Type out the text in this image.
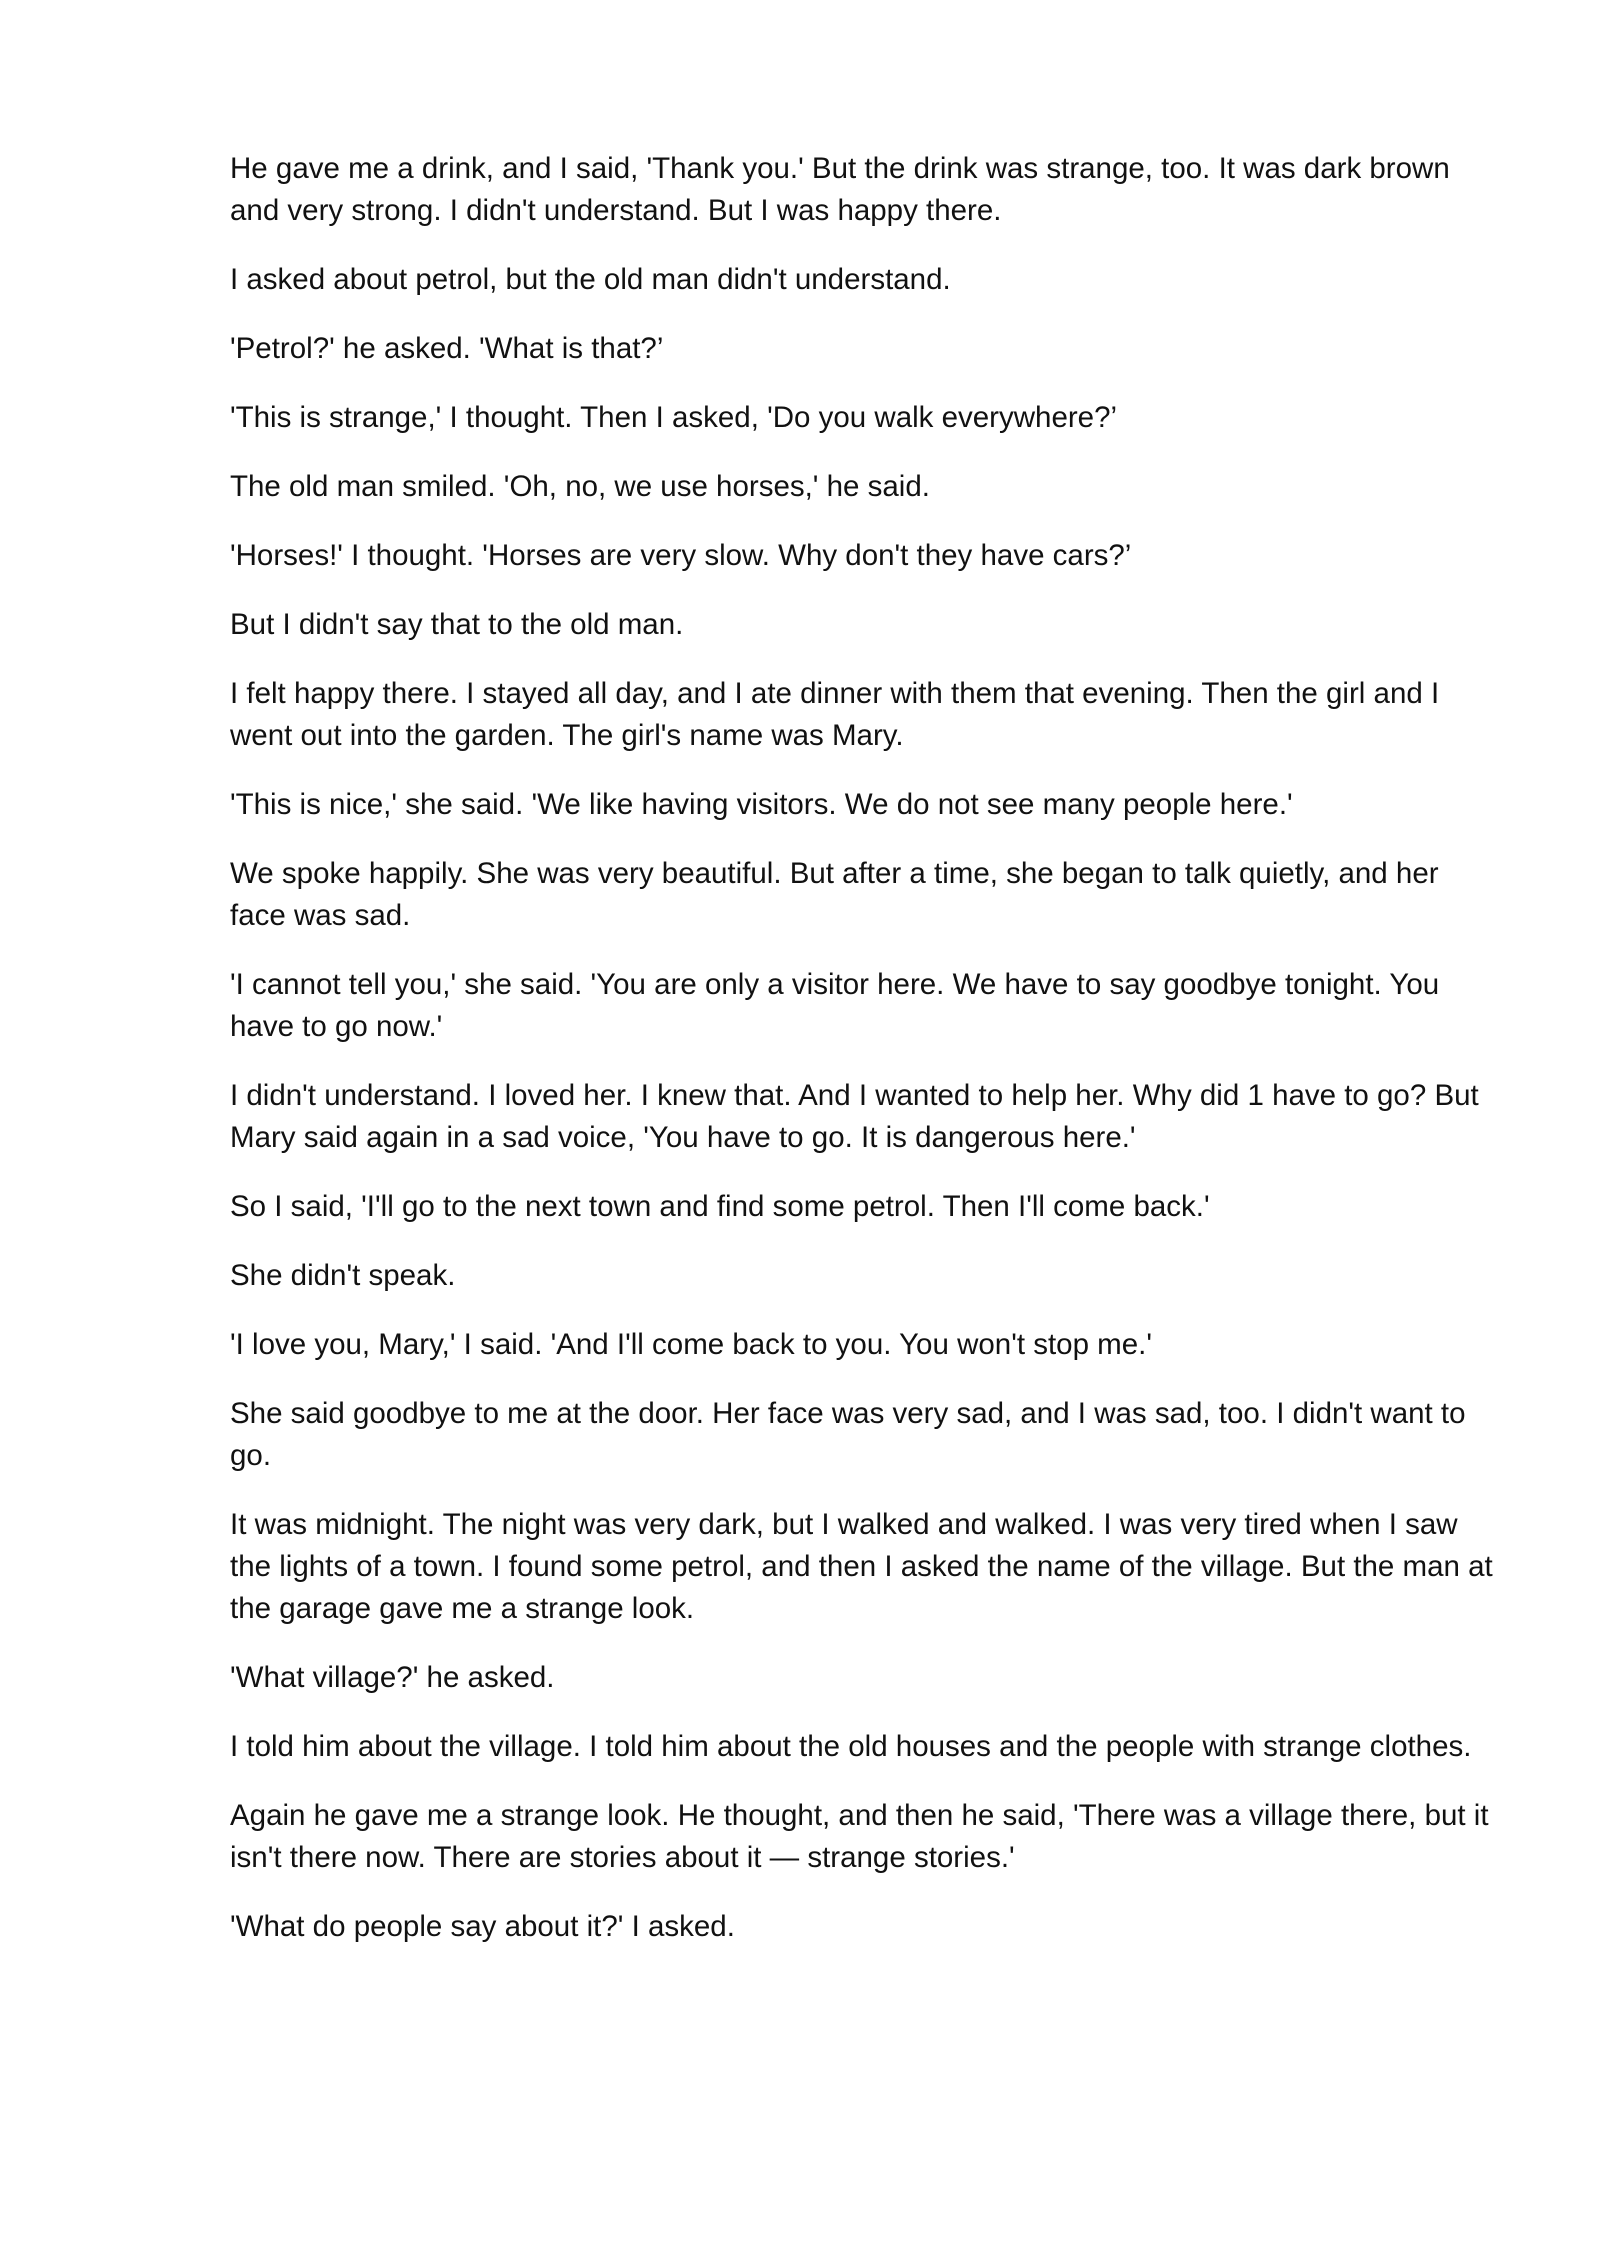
He gave me a drink, and I said, 'Thank you.' But the drink was strange, too. It was dark brown and very strong. I didn't understand. But I was happy there.

I asked about petrol, but the old man didn't understand.

'Petrol?' he asked. 'What is that?’

'This is strange,' I thought. Then I asked, 'Do you walk everywhere?’

The old man smiled. 'Oh, no, we use horses,' he said.

'Horses!' I thought. 'Horses are very slow. Why don't they have cars?’

But I didn't say that to the old man.

I felt happy there. I stayed all day, and I ate dinner with them that evening. Then the girl and I went out into the garden. The girl's name was Mary.

'This is nice,' she said. 'We like having visitors. We do not see many people here.'

We spoke happily. She was very beautiful. But after a time, she began to talk quietly, and her face was sad.

'I cannot tell you,' she said. 'You are only a visitor here. We have to say goodbye tonight. You have to go now.'

I didn't understand. I loved her. I knew that. And I wanted to help her. Why did 1 have to go? But Mary said again in a sad voice, 'You have to go. It is dangerous here.'

So I said, 'I'll go to the next town and find some petrol. Then I'll come back.'

She didn't speak.

'I love you, Mary,' I said. 'And I'll come back to you. You won't stop me.'

She said goodbye to me at the door. Her face was very sad, and I was sad, too. I didn't want to go.

It was midnight. The night was very dark, but I walked and walked. I was very tired when I saw the lights of a town. I found some petrol, and then I asked the name of the village. But the man at the garage gave me a strange look.

'What village?' he asked.

I told him about the village. I told him about the old houses and the people with strange clothes.

Again he gave me a strange look. He thought, and then he said, 'There was a village there, but it isn't there now. There are stories about it — strange stories.'

'What do people say about it?' I asked.
